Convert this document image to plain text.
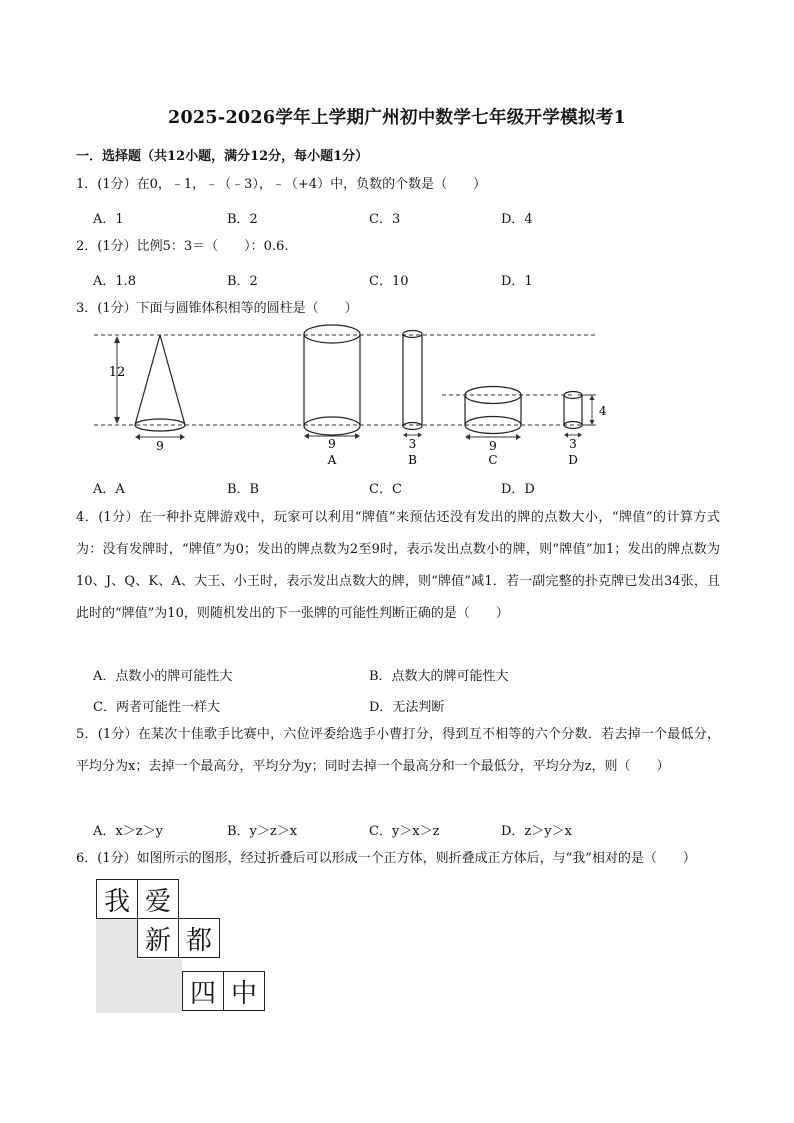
2025-2026学年上学期广州初中数学七年级开学模拟考1
一．选择题（共12小题，满分12分，每小题1分）
1．(1分）在0，﹣1，﹣（﹣3），﹣（+4）中，负数的个数是（　　）
A．1	B．2	C．3	D．4
2．(1分）比例5：3＝（　　）：0.6.
A．1.8	B．2	C．10	D．1
3．(1分）下面与圆锥体积相等的圆柱是（　　）
12
9	9
A
3
B
9
C
4
3
D
A．A	B．B	C．C	D．D
4．(1分）在一种扑克牌游戏中，玩家可以利用“牌值”来预估还没有发出的牌的点数大小，“牌值”的计算方式为：没有发牌时，“牌值”为0；发出的牌点数为2至9时，表示发出点数小的牌，则“牌值”加1；发出的牌点数为10、J、Q、K、A、大王、小王时，表示发出点数大的牌，则“牌值”减1．若一副完整的扑克牌已发出34张，且此时的“牌值”为10，则随机发出的下一张牌的可能性判断正确的是（　　）
A．点数小的牌可能性大	B．点数大的牌可能性大
C．两者可能性一样大	D．无法判断
5．(1分）在某次十佳歌手比赛中，六位评委给选手小曹打分，得到互不相等的六个分数．若去掉一个最低分，平均分为x；去掉一个最高分，平均分为y；同时去掉一个最高分和一个最低分，平均分为z，则（　　）
A．x＞z＞y	B．y＞z＞x	C．y＞x＞z	D．z＞y＞x
6．(1分）如图所示的图形，经过折叠后可以形成一个正方体，则折叠成正方体后，与“我”相对的是（　　）
我 爱
新 都
四 中
